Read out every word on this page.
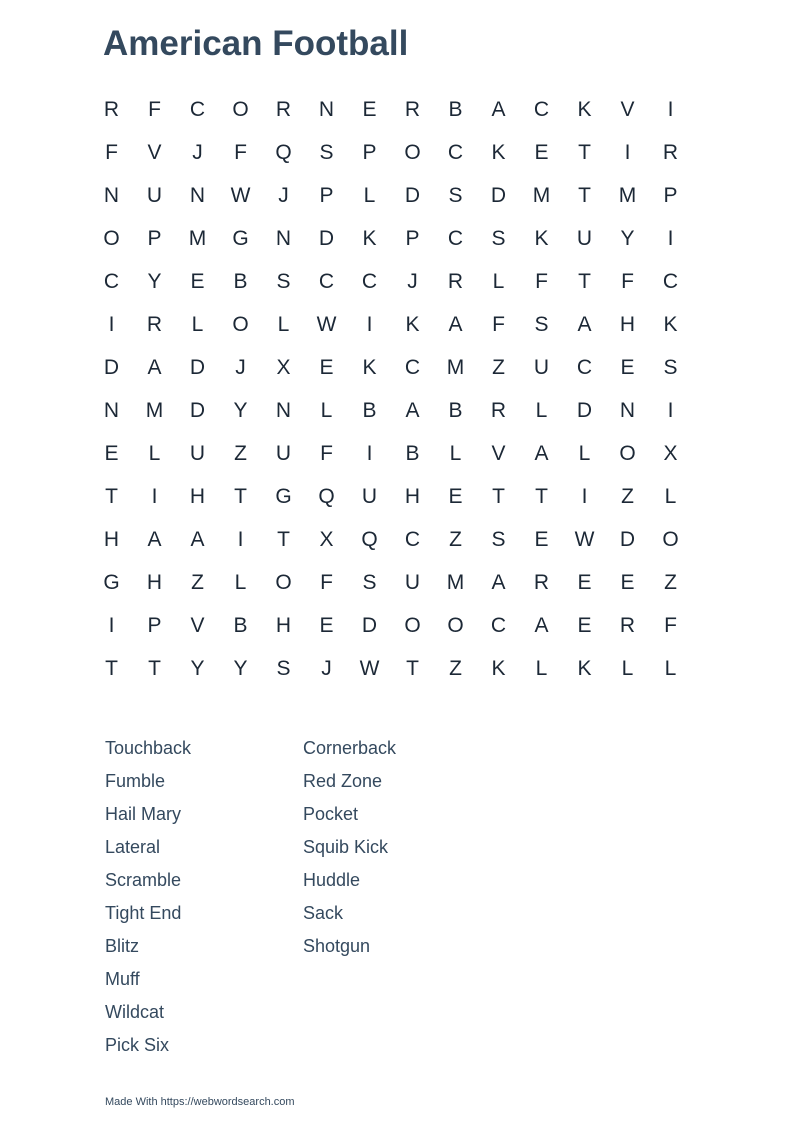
American Football
R	F	C	O	R	N	E	R	B	A	C	K	V	I
F	V	J	F	Q	S	P	O	C	K	E	T	I	R
N	U	N	W	J	P	L	D	S	D	M	T	M	P
O	P	M	G	N	D	K	P	C	S	K	U	Y	I
C	Y	E	B	S	C	C	J	R	L	F	T	F	C
I	R	L	O	L	W	I	K	A	F	S	A	H	K
D	A	D	J	X	E	K	C	M	Z	U	C	E	S
N	M	D	Y	N	L	B	A	B	R	L	D	N	I
E	L	U	Z	U	F	I	B	L	V	A	L	O	X
T	I	H	T	G	Q	U	H	E	T	T	I	Z	L
H	A	A	I	T	X	Q	C	Z	S	E	W	D	O
G	H	Z	L	O	F	S	U	M	A	R	E	E	Z
I	P	V	B	H	E	D	O	O	C	A	E	R	F
T	T	Y	Y	S	J	W	T	Z	K	L	K	L	L
Touchback
Fumble
Hail Mary
Lateral
Scramble
Tight End
Blitz
Muff
Wildcat
Pick Six
Cornerback
Red Zone
Pocket
Squib Kick
Huddle
Sack
Shotgun
Made With https://webwordsearch.com
